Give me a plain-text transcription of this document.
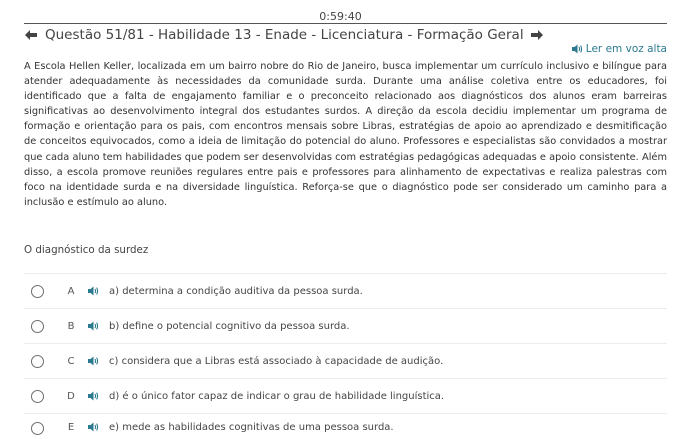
0:59:40
Questão 51/81 - Habilidade 13 - Enade - Licenciatura - Formação Geral
Ler em voz alta

A Escola Hellen Keller, localizada em um bairro nobre do Rio de Janeiro, busca implementar um currículo inclusivo e bilíngue para atender adequadamente às necessidades da comunidade surda. Durante uma análise coletiva entre os educadores, foi identificado que a falta de engajamento familiar e o preconceito relacionado aos diagnósticos dos alunos eram barreiras significativas ao desenvolvimento integral dos estudantes surdos. A direção da escola decidiu implementar um programa de formação e orientação para os pais, com encontros mensais sobre Libras, estratégias de apoio ao aprendizado e desmitificação de conceitos equivocados, como a ideia de limitação do potencial do aluno. Professores e especialistas são convidados a mostrar que cada aluno tem habilidades que podem ser desenvolvidas com estratégias pedagógicas adequadas e apoio consistente. Além disso, a escola promove reuniões regulares entre pais e professores para alinhamento de expectativas e realiza palestras com foco na identidade surda e na diversidade linguística. Reforça-se que o diagnóstico pode ser considerado um caminho para a inclusão e estímulo ao aluno.

O diagnóstico da surdez
A	a) determina a condição auditiva da pessoa surda.
B	b) define o potencial cognitivo da pessoa surda.
C	c) considera que a Libras está associado à capacidade de audição.
D	d) é o único fator capaz de indicar o grau de habilidade linguística.
E	e) mede as habilidades cognitivas de uma pessoa surda.
